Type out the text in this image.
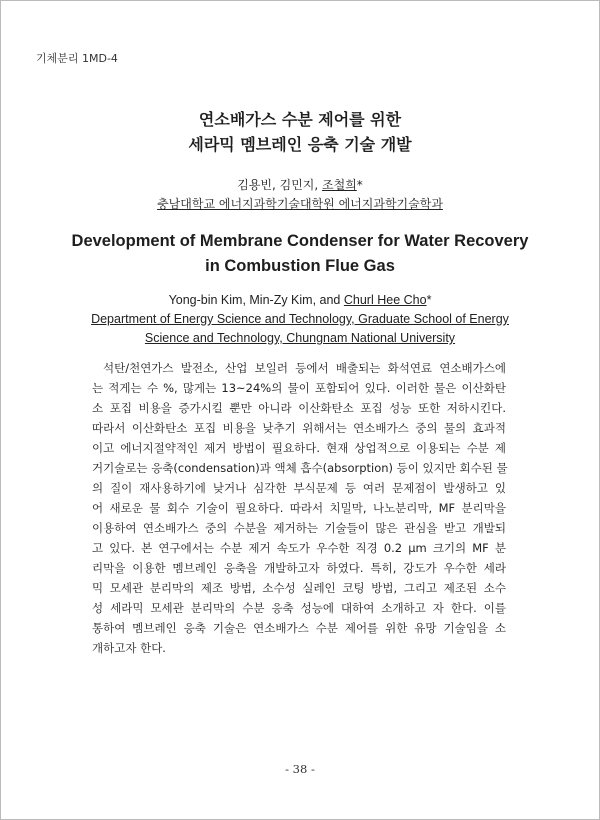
기체분리 1MD-4
연소배가스 수분 제어를 위한
세라믹 멤브레인 응축 기술 개발
김용빈, 김민지, 조철희*
충남대학교 에너지과학기술대학원 에너지과학기술학과
Development of Membrane Condenser for Water Recovery
in Combustion Flue Gas
Yong-bin Kim, Min-Zy Kim, and Churl Hee Cho*
Department of Energy Science and Technology, Graduate School of Energy
Science and Technology, Chungnam National University
석탄/천연가스 발전소, 산업 보일러 등에서 배출되는 화석연료 연소배가스에
는 적게는 수 %, 많게는 13~24%의 물이 포함되어 있다. 이러한 물은 이산화탄
소 포집 비용을 증가시킬 뿐만 아니라 이산화탄소 포집 성능 또한 저하시킨다.
따라서 이산화탄소 포집 비용을 낮추기 위해서는 연소배가스 중의 물의 효과적
이고 에너지절약적인 제거 방법이 필요하다. 현재 상업적으로 이용되는 수분 제
거기술로는 응축(condensation)과 액체 흡수(absorption) 등이 있지만 회수된 물
의 질이 재사용하기에 낮거나 심각한 부식문제 등 여러 문제점이 발생하고 있
어 새로운 물 회수 기술이 필요하다. 따라서 치밀막, 나노분리막, MF 분리막을
이용하여 연소배가스 중의 수분을 제거하는 기술들이 많은 관심을 받고 개발되
고 있다. 본 연구에서는 수분 제거 속도가 우수한 직경 0.2 μm 크기의 MF 분
리막을 이용한 멤브레인 응축을 개발하고자 하였다. 특히, 강도가 우수한 세라
믹 모세관 분리막의 제조 방법, 소수성 실레인 코팅 방법, 그리고 제조된 소수
성 세라믹 모세관 분리막의 수분 응축 성능에 대하여 소개하고 자 한다. 이를
통하여 멤브레인 응축 기술은 연소배가스 수분 제어를 위한 유망 기술임을 소
개하고자 한다.
- 38 -
